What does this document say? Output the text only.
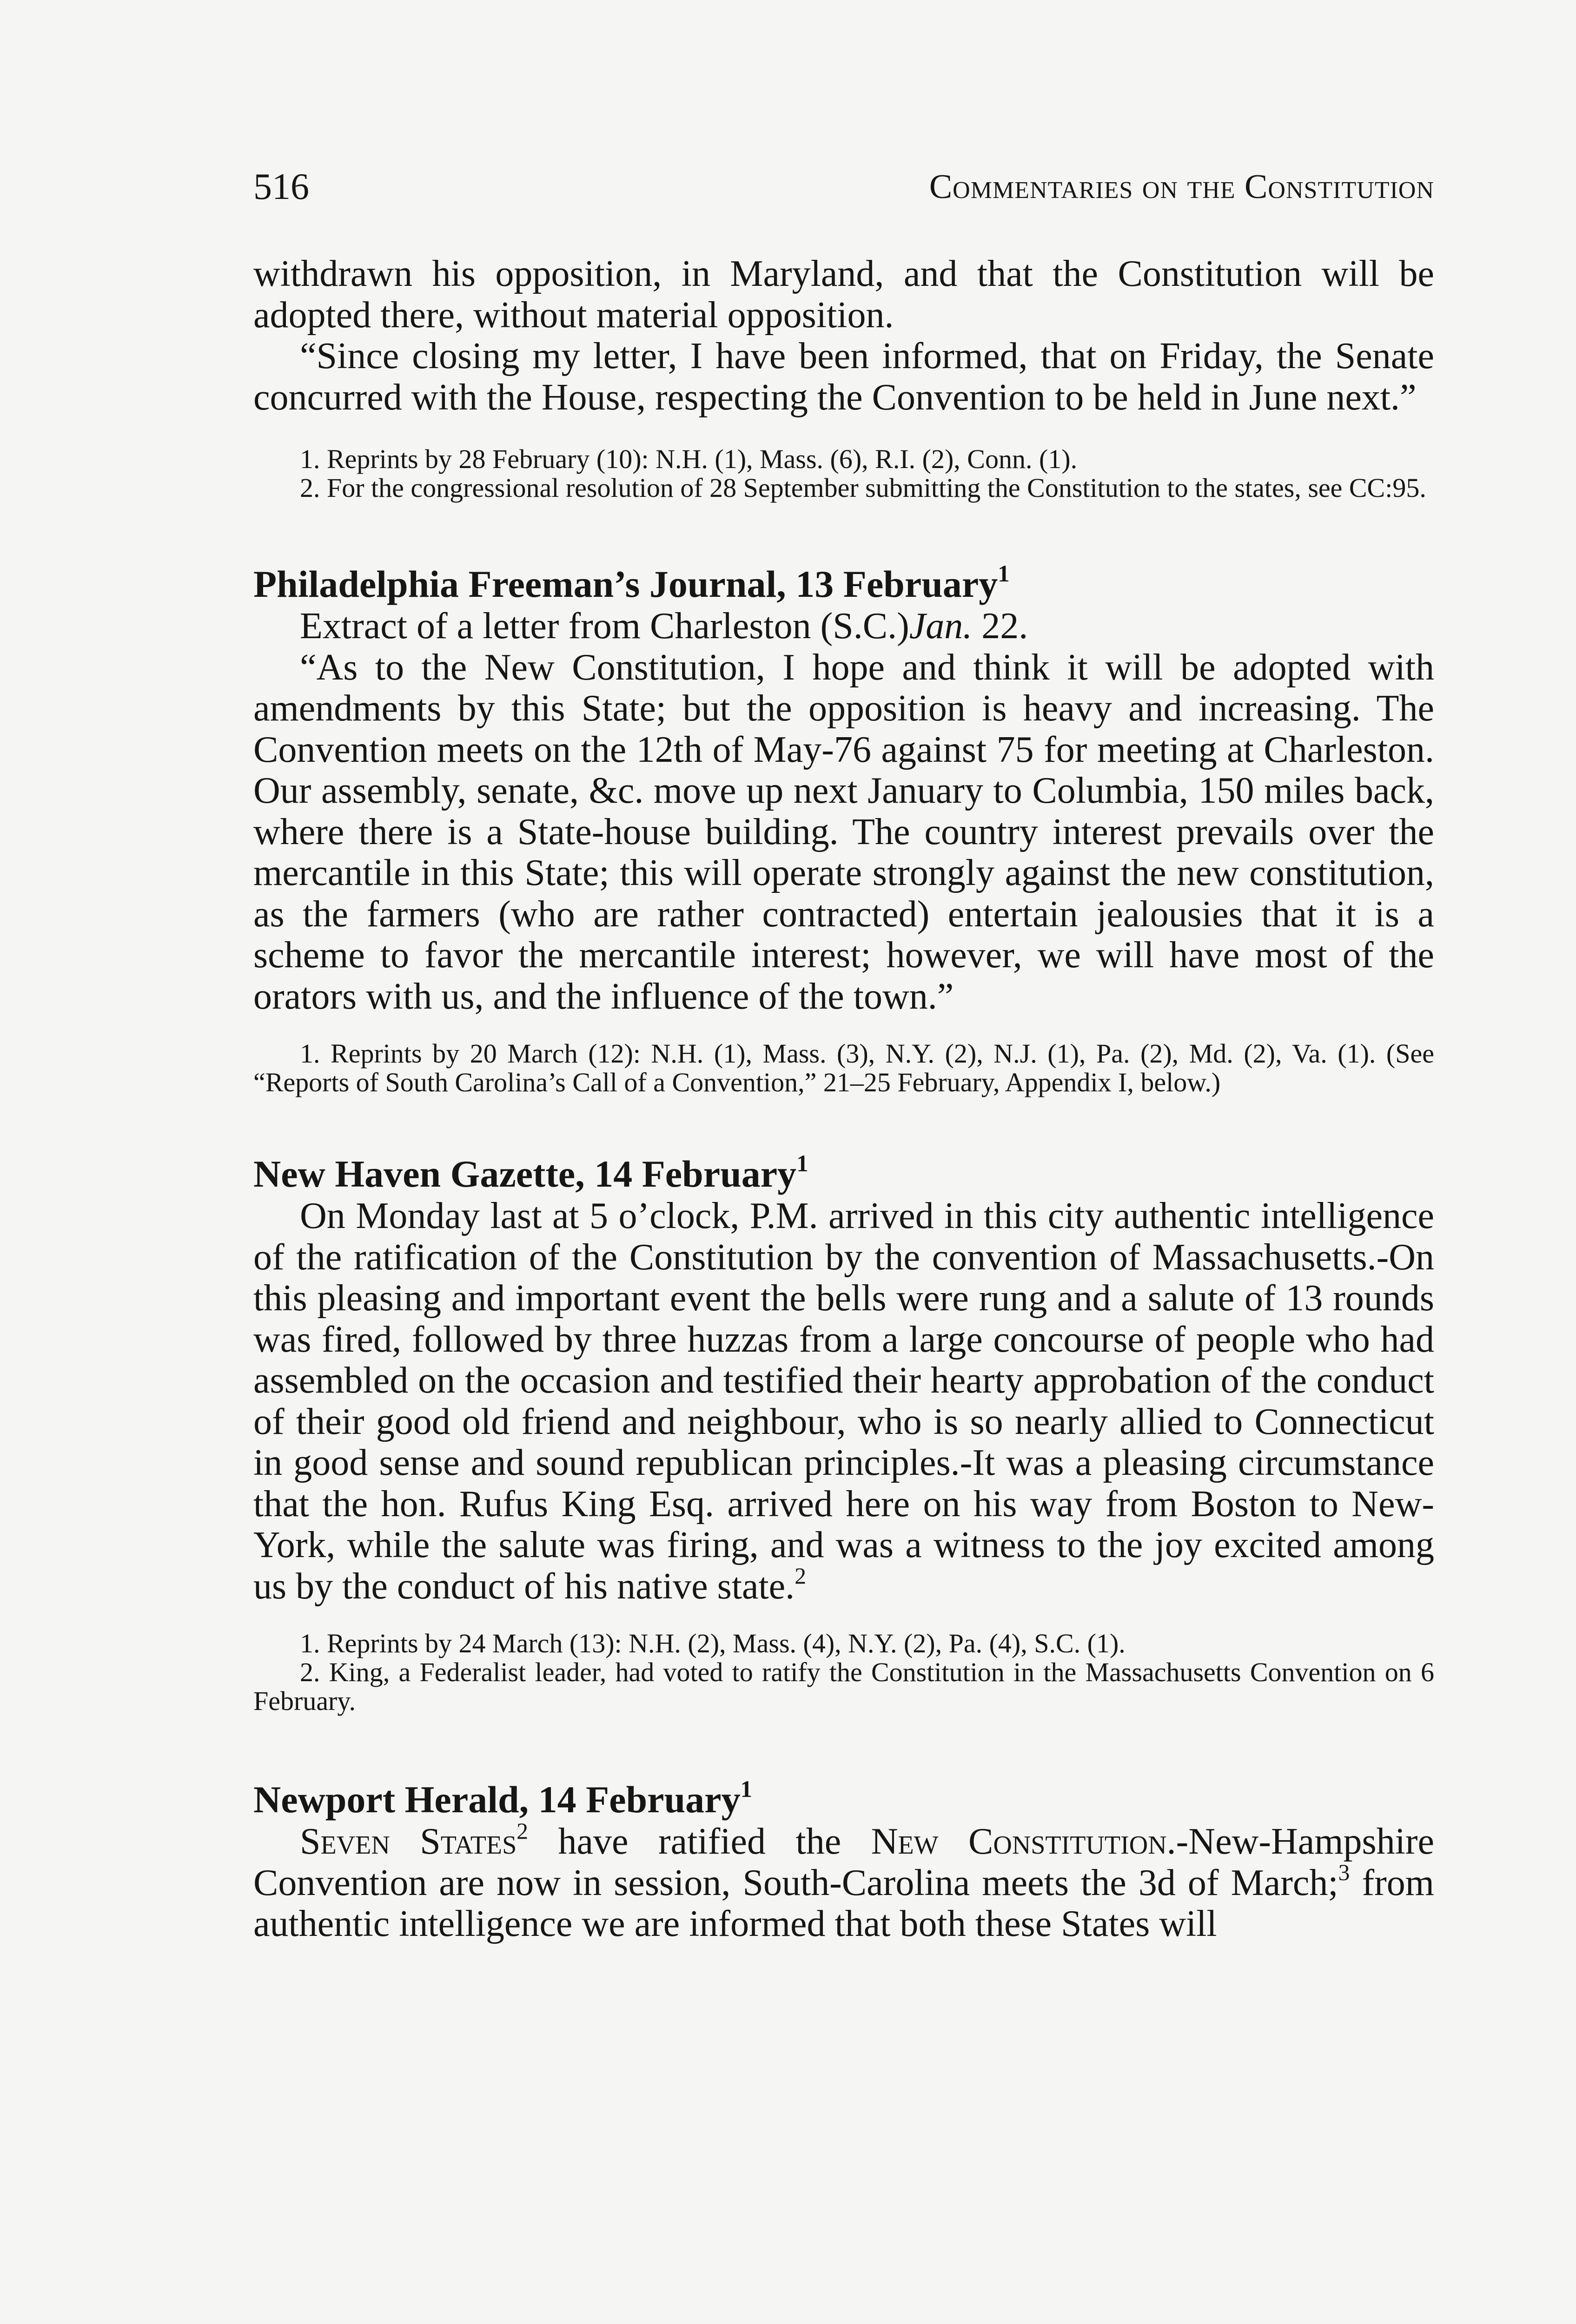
516	Commentaries on the Constitution

withdrawn his opposition, in Maryland, and that the Constitution will be adopted there, without material opposition.

“Since closing my letter, I have been informed, that on Friday, the Senate concurred with the House, respecting the Convention to be held in June next.”

1. Reprints by 28 February (10): N.H. (1), Mass. (6), R.I. (2), Conn. (1).

2. For the congressional resolution of 28 September submitting the Constitution to the states, see CC:95.

Philadelphia Freeman’s Journal, 13 February$^1$

Extract of a letter from Charleston (S.C.)Jan. 22.

“As to the New Constitution, I hope and think it will be adopted with amendments by this State; but the opposition is heavy and increasing. The Convention meets on the 12th of May-76 against 75 for meeting at Charleston. Our assembly, senate, &c. move up next January to Columbia, 150 miles back, where there is a State-house building. The country interest prevails over the mercantile in this State; this will operate strongly against the new constitution, as the farmers (who are rather contracted) entertain jealousies that it is a scheme to favor the mercantile interest; however, we will have most of the orators with us, and the influence of the town.”

1. Reprints by 20 March (12): N.H. (1), Mass. (3), N.Y. (2), N.J. (1), Pa. (2), Md. (2), Va. (1). (See “Reports of South Carolina’s Call of a Convention,” 21–25 February, Appendix I, below.)

New Haven Gazette, 14 February$^1$

On Monday last at 5 o’clock, P.M. arrived in this city authentic intelligence of the ratification of the Constitution by the convention of Massachusetts.-On this pleasing and important event the bells were rung and a salute of 13 rounds was fired, followed by three huzzas from a large concourse of people who had assembled on the occasion and testified their hearty approbation of the conduct of their good old friend and neighbour, who is so nearly allied to Connecticut in good sense and sound republican principles.-It was a pleasing circumstance that the hon. Rufus King Esq. arrived here on his way from Boston to New-York, while the salute was firing, and was a witness to the joy excited among us by the conduct of his native state.$^2$

1. Reprints by 24 March (13): N.H. (2), Mass. (4), N.Y. (2), Pa. (4), S.C. (1).

2. King, a Federalist leader, had voted to ratify the Constitution in the Massachusetts Convention on 6 February.

Newport Herald, 14 February$^1$

Seven States$^2$ have ratified the New Constitution.-New-Hampshire Convention are now in session, South-Carolina meets the 3d of March;$^3$ from authentic intelligence we are informed that both these States will
